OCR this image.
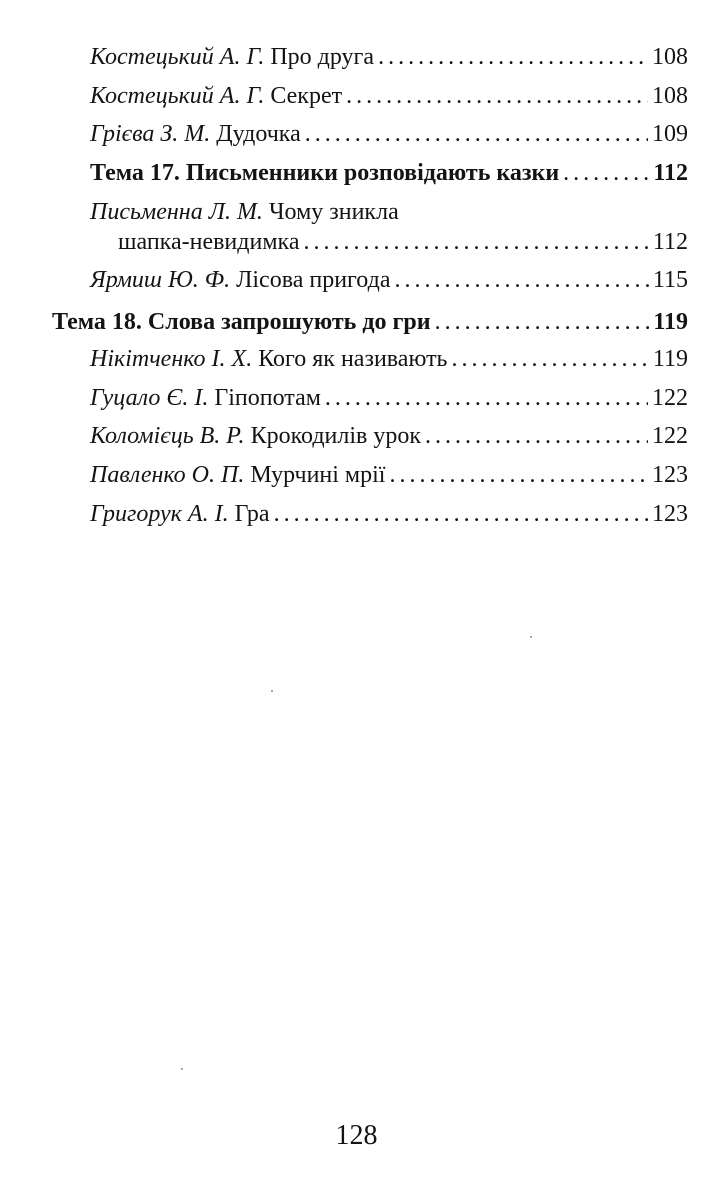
Костецький А. Г. Про друга . . .	108
Костецький А. Г. Секрет . . .	108
Грієва З. М. Дудочка . . .	109
Тема 17. Письменники розповідають казки . . .	112
Письменна Л. М. Чому зникла
шапка-невидимка . . .	112
Ярмиш Ю. Ф. Лісова пригода . . .	115
Тема 18. Слова запрошують до гри . . .	119
Нікітченко І. Х. Кого як називають . . .	119
Гуцало Є. І. Гіпопотам . . .	122
Коломієць В. Р. Крокодилів урок . . .	122
Павленко О. П. Мурчині мрії . . .	123
Григорук А. І. Гра . . .	123
128
